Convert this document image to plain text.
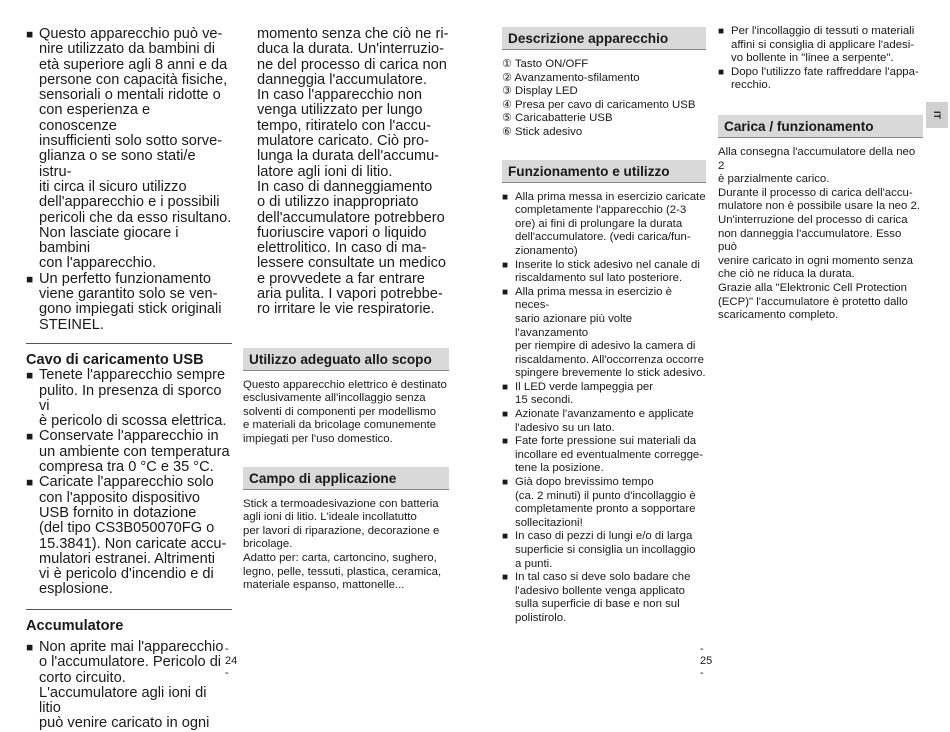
■ Questo apparecchio può ve-
nire utilizzato da bambini di
età superiore agli 8 anni e da
persone con capacità fisiche,
sensoriali o mentali ridotte o
con esperienza e conoscenze
insufficienti solo sotto sorve-
glianza o se sono stati/e istru-
iti circa il sicuro utilizzo
dell'apparecchio e i possibili
pericoli che da esso risultano.
Non lasciate giocare i bambini
con l'apparecchio.
■ Un perfetto funzionamento
viene garantito solo se ven-
gono impiegati stick originali
STEINEL.
Cavo di caricamento USB
■ Tenete l'apparecchio sempre
pulito. In presenza di sporco vi
è pericolo di scossa elettrica.
■ Conservate l'apparecchio in
un ambiente con temperatura
compresa tra 0 °C e 35 °C.
■ Caricate l'apparecchio solo
con l'apposito dispositivo
USB fornito in dotazione
(del tipo CS3B050070FG o
15.3841). Non caricate accu-
mulatori estranei. Altrimenti
vi è pericolo d'incendio e di
esplosione.
Accumulatore
■ Non aprite mai l'apparecchio
o l'accumulatore. Pericolo di
corto circuito.
L'accumulatore agli ioni di litio
può venire caricato in ogni
momento senza che ciò ne ri-
duca la durata. Un'interruzio-
ne del processo di carica non
danneggia l'accumulatore.
In caso l'apparecchio non
venga utilizzato per lungo
tempo, ritiratelo con l'accu-
mulatore caricato. Ciò pro-
lunga la durata dell'accumu-
latore agli ioni di litio.
In caso di danneggiamento
o di utilizzo inappropriato
dell'accumulatore potrebbero
fuoriuscire vapori o liquido
elettrolitico. In caso di ma-
lessere consultate un medico
e provvedete a far entrare
aria pulita. I vapori potrebbe-
ro irritare le vie respiratorie.
Utilizzo adeguato allo scopo
Questo apparecchio elettrico è destinato
esclusivamente all'incollaggio senza
solventi di componenti per modellismo
e materiali da bricolage comunemente
impiegati per l'uso domestico.
Campo di applicazione
Stick a termoadesivazione con batteria
agli ioni di litio. L'ideale incollatutto
per lavori di riparazione, decorazione e
bricolage.
Adatto per: carta, cartoncino, sughero,
legno, pelle, tessuti, plastica, ceramica,
materiale espanso, mattonelle...
- 24 -
Descrizione apparecchio
① Tasto ON/OFF
② Avanzamento-sfilamento
③ Display LED
④ Presa per cavo di caricamento USB
⑤ Caricabatterie USB
⑥ Stick adesivo
Funzionamento e utilizzo
■ Alla prima messa in esercizio caricate
completamente l'apparecchio (2-3
ore) ai fini di prolungare la durata
dell'accumulatore. (vedi carica/fun-
zionamento)
■ Inserite lo stick adesivo nel canale di
riscaldamento sul lato posteriore.
■ Alla prima messa in esercizio è neces-
sario azionare più volte l'avanzamento
per riempire di adesivo la camera di
riscaldamento. All'occorrenza occorre
spingere brevemente lo stick adesivo.
■ Il LED verde lampeggia per
15 secondi.
■ Azionate l'avanzamento e applicate
l'adesivo su un lato.
■ Fate forte pressione sui materiali da
incollare ed eventualmente correggе-
tene la posizione.
■ Già dopo brevissimo tempo
(ca. 2 minuti) il punto d'incollaggio è
completamente pronto a sopportare
sollecitazioni!
■ In caso di pezzi di lungi e/o di larga
superficie si consiglia un incollaggio
a punti.
■ In tal caso si deve solo badare che
l'adesivo bollente venga applicato
sulla superficie di base e non sul
polistirolo.
■ Per l'incollaggio di tessuti o materiali
affini si consiglia di applicare l'adesi-
vo bollente in "linee a serpente".
■ Dopo l'utilizzo fate raffreddare l'appa-
recchio.
Carica / funzionamento
Alla consegna l'accumulatore della neo 2
è parzialmente carico.
Durante il processo di carica dell'accu-
mulatore non è possibile usare la neo 2.
Un'interruzione del processo di carica
non danneggia l'accumulatore. Esso può
venire caricato in ogni momento senza
che ciò ne riduca la durata.
Grazie alla "Elektronic Cell Protection
(ECP)" l'accumulatore è protetto dallo
scaricamento completo.
IT
- 25 -
